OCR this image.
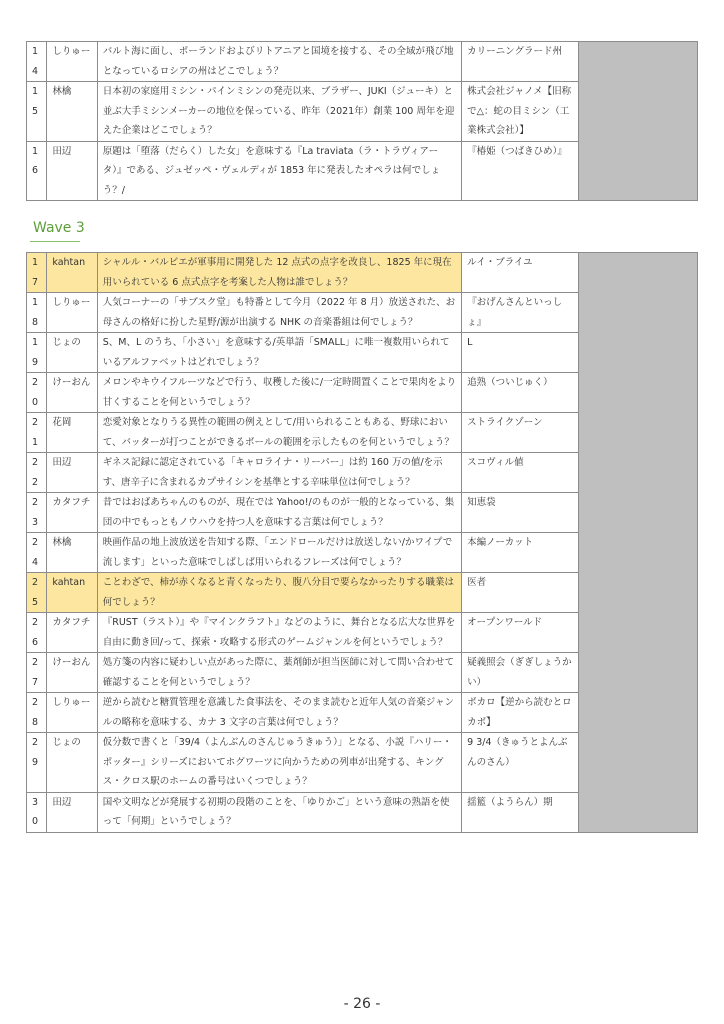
14	しりゅー	バルト海に面し、ポーランドおよびリトアニアと国境を接する、その全域が飛び地となっているロシアの州はどこでしょう？	カリーニングラード州	
15	林檎	日本初の家庭用ミシン・パインミシンの発売以来、ブラザー、JUKI（ジューキ）と並ぶ大手ミシンメーカーの地位を保っている、昨年（2021年）創業 100 周年を迎えた企業はどこでしょう？	株式会社ジャノメ【旧称で△：蛇の目ミシン（工業株式会社）】	
16	田辺	原題は「堕落（だらく）した女」を意味する『La traviata（ラ・トラヴィアータ）』である、ジュゼッペ・ヴェルディが 1853 年に発表したオペラは何でしょう？/	『椿姫（つばきひめ）』	
Wave 3
17	kahtan	シャルル・バルビエが軍事用に開発した 12 点式の点字を改良し、1825 年に現在用いられている 6 点式点字を考案した人物は誰でしょう？	ルイ・ブライユ	
18	しりゅー	人気コーナーの「サブスク堂」も特番として今月（2022 年 8 月）放送された、お母さんの格好に扮した星野/源が出演する NHK の音楽番組は何でしょう？	『おげんさんといっしょ』	
19	じょの	S、M、L のうち、「小さい」を意味する/英単語「SMALL」に唯一複数用いられているアルファベットはどれでしょう？	L	
20	けーおん	メロンやキウイフルーツなどで行う、収穫した後に/一定時間置くことで果肉をより甘くすることを何というでしょう？	追熟（ついじゅく）	
21	花岡	恋愛対象となりうる異性の範囲の例えとして/用いられることもある、野球において、バッターが打つことができるボールの範囲を示したものを何というでしょう？	ストライクゾーン	
22	田辺	ギネス記録に認定されている「キャロライナ・リーパー」は約 160 万の値/を示す、唐辛子に含まれるカプサイシンを基準とする辛味単位は何でしょう？	スコヴィル値	
23	カタフチ	昔ではおばあちゃんのものが、現在では Yahoo!/のものが一般的となっている、集団の中でもっともノウハウを持つ人を意味する言葉は何でしょう？	知恵袋	
24	林檎	映画作品の地上波放送を告知する際、「エンドロールだけは放送しない/かワイプで流します」といった意味でしばしば用いられるフレーズは何でしょう？	本編ノーカット	
25	kahtan	ことわざで、柿が赤くなると青くなったり、腹八分目で要らなかったりする職業は何でしょう？	医者	
26	カタフチ	『RUST（ラスト）』や『マインクラフト』などのように、舞台となる広大な世界を自由に動き回/って、探索・攻略する形式のゲームジャンルを何というでしょう？	オープンワールド	
27	けーおん	処方箋の内容に疑わしい点があった際に、薬剤師が担当医師に対して問い合わせて確認することを何というでしょう？	疑義照会（ぎぎしょうかい）	
28	しりゅー	逆から読むと糖質管理を意識した食事法を、そのまま読むと近年人気の音楽ジャンルの略称を意味する、カナ 3 文字の言葉は何でしょう？	ボカロ【逆から読むとロカボ】	
29	じょの	仮分数で書くと「39/4（よんぶんのさんじゅうきゅう）」となる、小説『ハリー・ポッター』シリーズにおいてホグワーツに向かうための列車が出発する、キングス・クロス駅のホームの番号はいくつでしょう？	9 3/4（きゅうとよんぶんのさん）	
30	田辺	国や文明などが発展する初期の段階のことを、「ゆりかご」という意味の熟語を使って「何期」というでしょう？	揺籃（ようらん）期	
- 26 -
